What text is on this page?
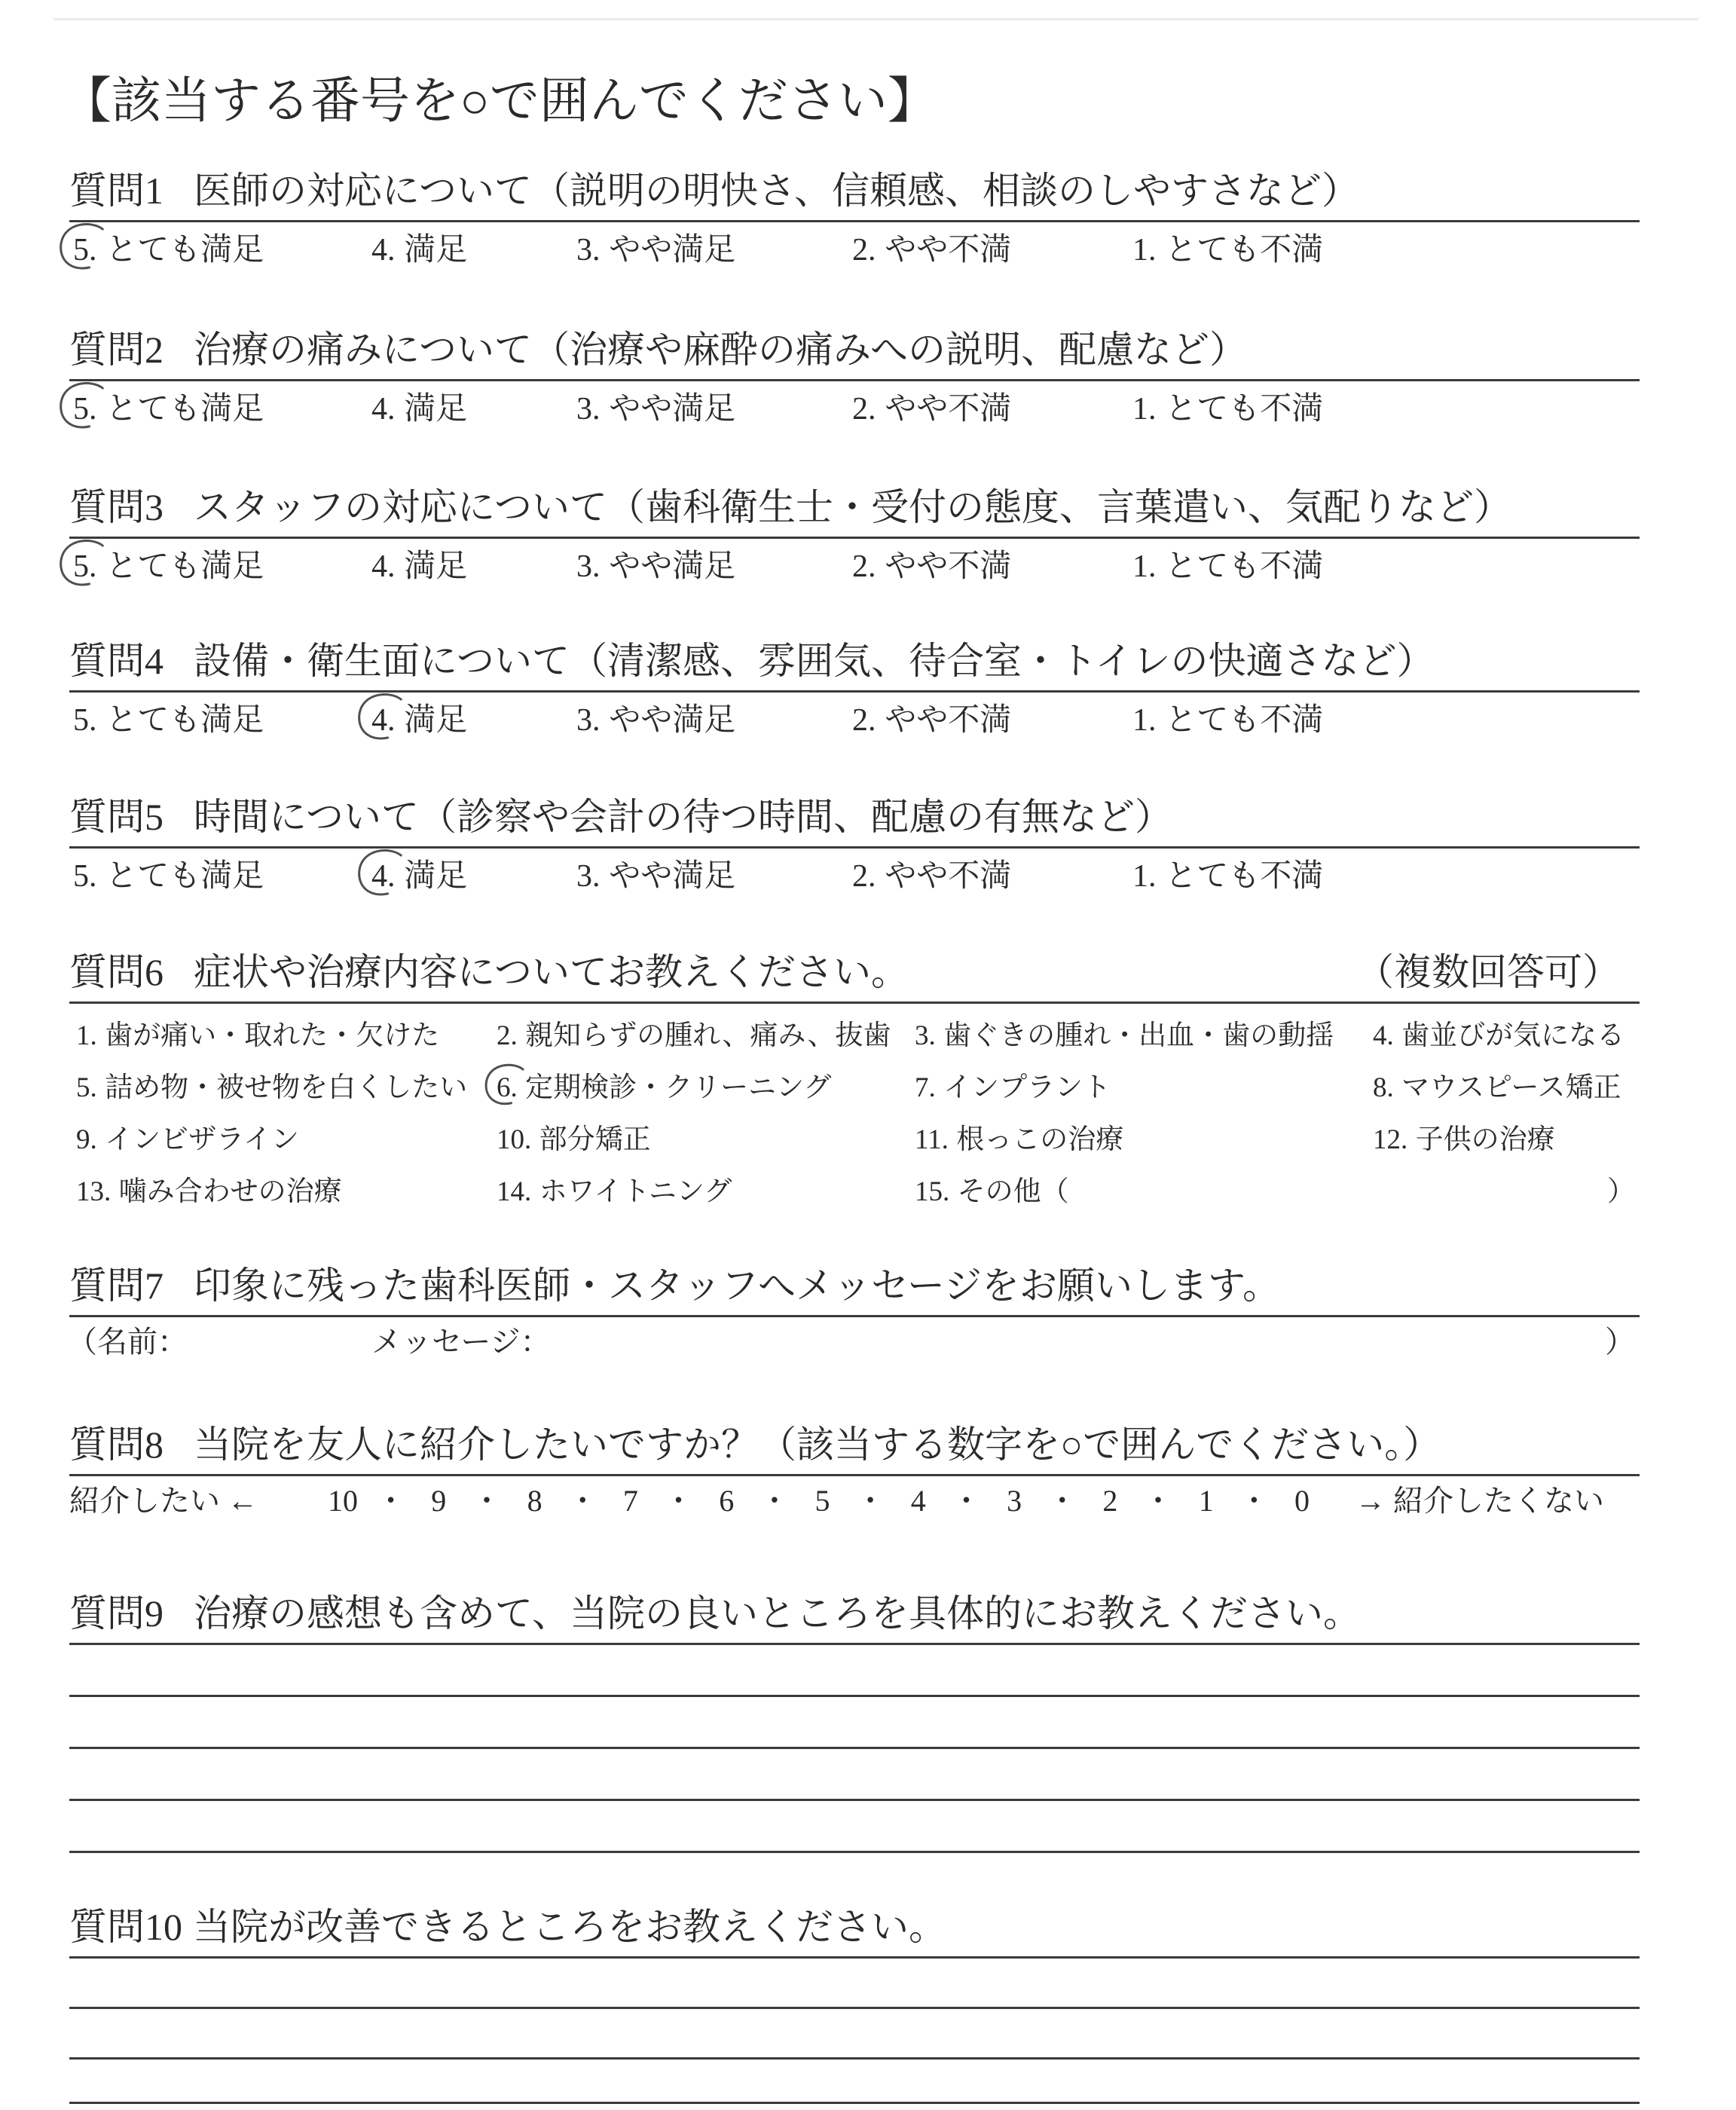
【該当する番号を○で囲んでください】
質問1 医師の対応について（説明の明快さ、信頼感、相談のしやすさなど）
5. とても満足	4. 満足	3. やや満足	2. やや不満	1. とても不満
質問2 治療の痛みについて（治療や麻酔の痛みへの説明、配慮など）
5. とても満足	4. 満足	3. やや満足	2. やや不満	1. とても不満
質問3 スタッフの対応について（歯科衛生士・受付の態度、言葉遣い、気配りなど）
5. とても満足	4. 満足	3. やや満足	2. やや不満	1. とても不満
質問4 設備・衛生面について（清潔感、雰囲気、待合室・トイレの快適さなど）
5. とても満足	4. 満足	3. やや満足	2. やや不満	1. とても不満
質問5 時間について（診察や会計の待つ時間、配慮の有無など）
5. とても満足	4. 満足	3. やや満足	2. やや不満	1. とても不満
質問6 症状や治療内容についてお教えください。	（複数回答可）
1. 歯が痛い・取れた・欠けた 2. 親知らずの腫れ、痛み、抜歯 3. 歯ぐきの腫れ・出血・歯の動揺 4. 歯並びが気になる
5. 詰め物・被せ物を白くしたい 6. 定期検診・クリーニング	7. インプラント	8. マウスピース矯正
9. インビザライン	10. 部分矯正	11. 根っこの治療	12. 子供の治療
13. 噛み合わせの治療	14. ホワイトニング	15. その他（	）
質問7 印象に残った歯科医師・スタッフへメッセージをお願いします。
（名前：	メッセージ：	）
質問8 当院を友人に紹介したいですか？（該当する数字を○で囲んでください。）
紹介したい ← 10 ・ 9 ・ 8 ・ 7 ・ 6 ・ 5 ・ 4 ・ 3 ・ 2 ・ 1 ・ 0 → 紹介したくない
質問9 治療の感想も含めて、当院の良いところを具体的にお教えください。
質問10 当院が改善できるところをお教えください。
